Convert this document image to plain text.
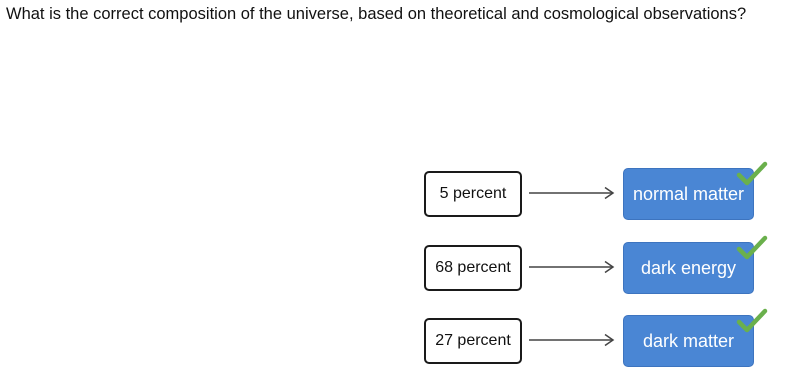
What is the correct composition of the universe, based on theoretical and cosmological observations?
5 percent	normal matter
68 percent	dark energy
27 percent	dark matter
